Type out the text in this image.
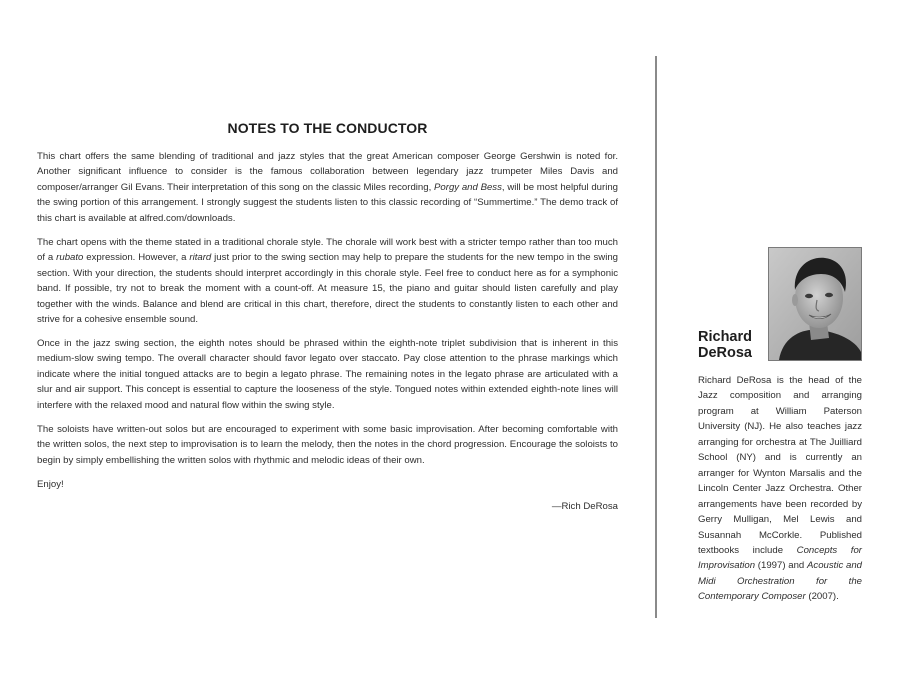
NOTES TO THE CONDUCTOR

This chart offers the same blending of traditional and jazz styles that the great American composer George Gershwin is noted for. Another significant influence to consider is the famous collaboration between legendary jazz trumpeter Miles Davis and composer/arranger Gil Evans. Their interpretation of this song on the classic Miles recording, Porgy and Bess, will be most helpful during the swing portion of this arrangement. I strongly suggest the students listen to this classic recording of “Summertime.” The demo track of this chart is available at alfred.com/downloads.

The chart opens with the theme stated in a traditional chorale style. The chorale will work best with a stricter tempo rather than too much of a rubato expression. However, a ritard just prior to the swing section may help to prepare the students for the new tempo in the swing section. With your direction, the students should interpret accordingly in this chorale style. Feel free to conduct here as for a symphonic band. If possible, try not to break the moment with a count-off. At measure 15, the piano and guitar should listen carefully and play together with the winds. Balance and blend are critical in this chart, therefore, direct the students to constantly listen to each other and strive for a cohesive ensemble sound.

Once in the jazz swing section, the eighth notes should be phrased within the eighth-note triplet subdivision that is inherent in this medium-slow swing tempo. The overall character should favor legato over staccato. Pay close attention to the phrase markings which indicate where the initial tongued attacks are to begin a legato phrase. The remaining notes in the legato phrase are articulated with a slur and air support. This concept is essential to capture the looseness of the style. Tongued notes within extended eighth-note lines will interfere with the relaxed mood and natural flow within the swing style.

The soloists have written-out solos but are encouraged to experiment with some basic improvisation. After becoming comfortable with the written solos, the next step to improvisation is to learn the melody, then the notes in the chord progression. Encourage the soloists to begin by simply embellishing the written solos with rhythmic and melodic ideas of their own.

Enjoy!

—Rich DeRosa
Richard
DeRosa
Richard DeRosa is the head of the Jazz composition and arranging program at William Paterson University (NJ). He also teaches jazz arranging for orchestra at The Juilliard School (NY) and is currently an arranger for Wynton Marsalis and the Lincoln Center Jazz Orchestra. Other arrangements have been recorded by Gerry Mulligan, Mel Lewis and Susannah McCorkle. Published textbooks include Concepts for Improvisation (1997) and Acoustic and Midi Orchestration for the Contemporary Composer (2007).
